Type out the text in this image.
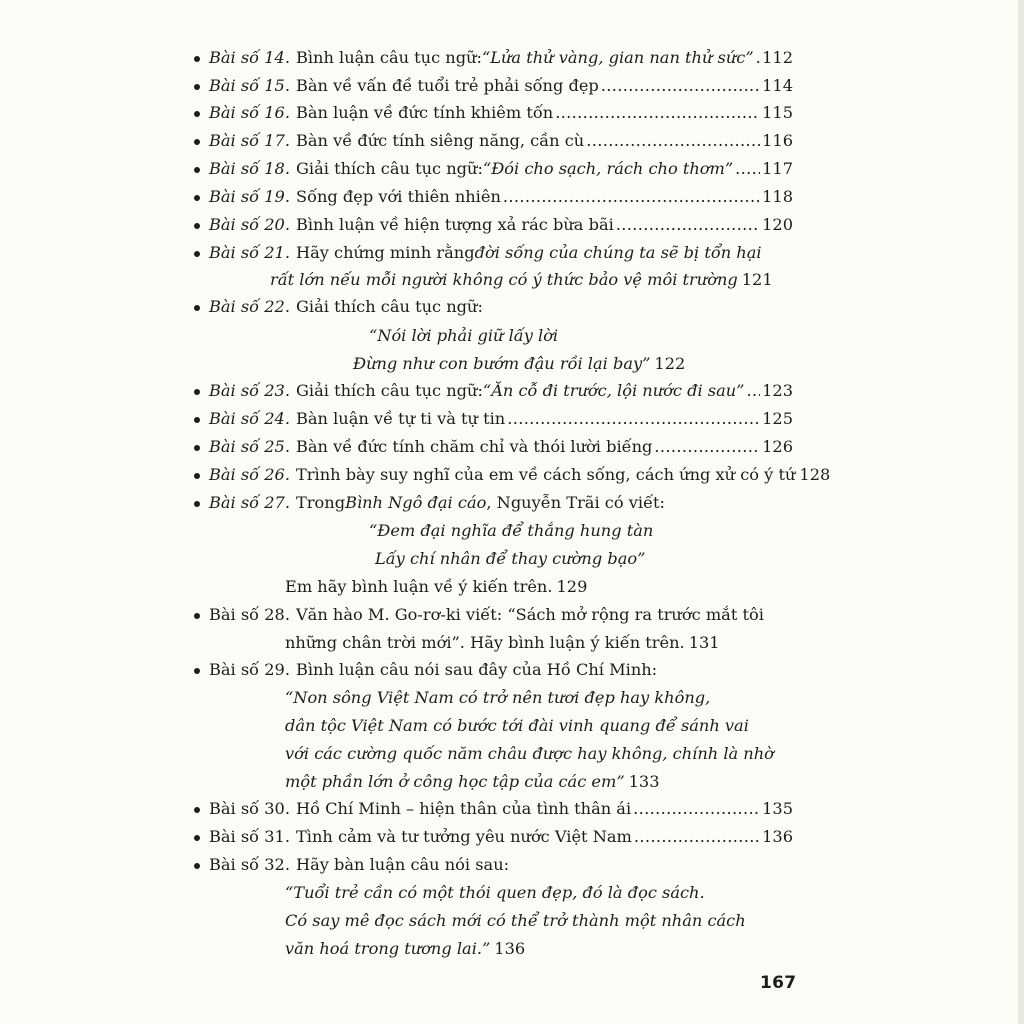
Bài số 14. Bình luận câu tục ngữ: “Lửa thử vàng, gian nan thử sức” . . . 112
Bài số 15. Bàn về vấn đề tuổi trẻ phải sống đẹp . . .	114
Bài số 16. Bàn luận về đức tính khiêm tốn . . .	115
Bài số 17. Bàn về đức tính siêng năng, cần cù . . .	116
Bài số 18. Giải thích câu tục ngữ: “Đói cho sạch, rách cho thơm” . . . 117
Bài số 19. Sống đẹp với thiên nhiên . . .	118
Bài số 20. Bình luận về hiện tượng xả rác bừa bãi . . .	120
Bài số 21. Hãy chứng minh rằng đời sống của chúng ta sẽ bị tổn hại
rất lớn nếu mỗi người không có ý thức bảo vệ môi trường 121
Bài số 22. Giải thích câu tục ngữ:
“Nói lời phải giữ lấy lời
Đừng như con bướm đậu rồi lại bay” 122
Bài số 23. Giải thích câu tục ngữ: “Ăn cỗ đi trước, lội nước đi sau” . . . 123
Bài số 24. Bàn luận về tự ti và tự tin . . .	125
Bài số 25. Bàn về đức tính chăm chỉ và thói lười biếng . . .	126
Bài số 26. Trình bày suy nghĩ của em về cách sống, cách ứng xử có ý tứ 128
Bài số 27. Trong Bình Ngô đại cáo , Nguyễn Trãi có viết:
“Đem đại nghĩa để thắng hung tàn
Lấy chí nhân để thay cường bạo”
Em hãy bình luận về ý kiến trên. 129
Bài số 28. Văn hào M. Go-rơ-ki viết: “Sách mở rộng ra trước mắt tôi
những chân trời mới”. Hãy bình luận ý kiến trên. 131
Bài số 29. Bình luận câu nói sau đây của Hồ Chí Minh:
“Non sông Việt Nam có trở nên tươi đẹp hay không,
dân tộc Việt Nam có bước tới đài vinh quang để sánh vai
với các cường quốc năm châu được hay không, chính là nhờ
một phần lớn ở công học tập của các em” 133
Bài số 30. Hồ Chí Minh – hiện thân của tình thân ái . . .	135
Bài số 31. Tình cảm và tư tưởng yêu nước Việt Nam . . .	136
Bài số 32. Hãy bàn luận câu nói sau:
“Tuổi trẻ cần có một thói quen đẹp, đó là đọc sách.
Có say mê đọc sách mới có thể trở thành một nhân cách
văn hoá trong tương lai.” 136
167
